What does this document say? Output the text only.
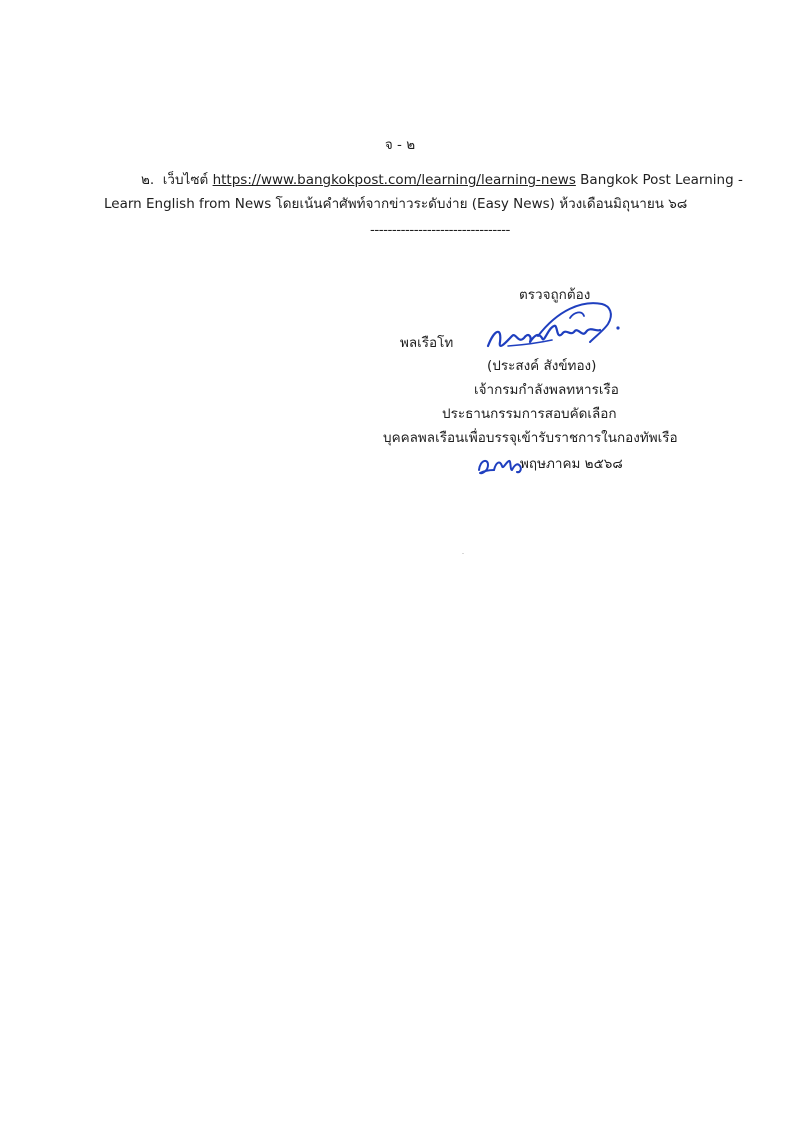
จ - ๒
๒. เว็บไซต์ https://www.bangkokpost.com/learning/learning-news Bangkok Post Learning -
Learn English from News โดยเน้นคำศัพท์จากข่าวระดับง่าย (Easy News) ห้วงเดือนมิถุนายน ๖๘
--------------------------------
ตรวจถูกต้อง
พลเรือโท
(ประสงค์ สังข์ทอง)
เจ้ากรมกำลังพลทหารเรือ
ประธานกรรมการสอบคัดเลือก
บุคคลพลเรือนเพื่อบรรจุเข้ารับราชการในกองทัพเรือ
พฤษภาคม ๒๕๖๘
